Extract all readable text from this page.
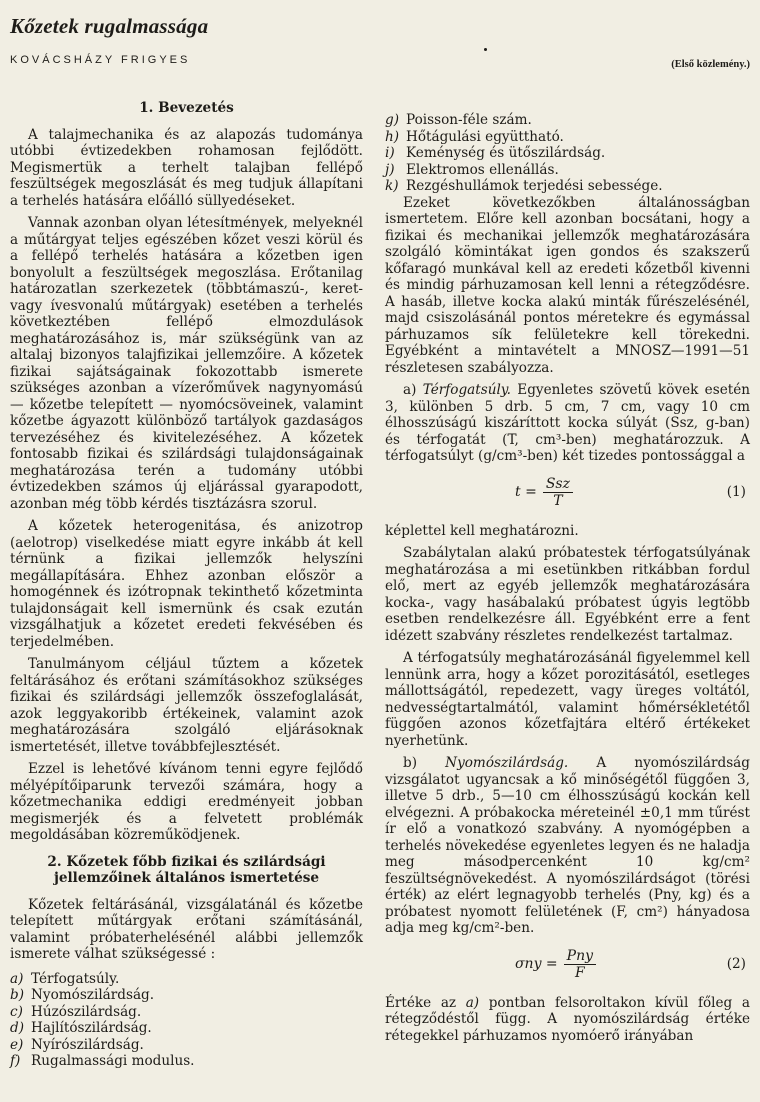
Kőzetek rugalmassága
KOVÁCSHÁZY FRIGYES	(Első közlemény.)
1. Bevezetés

A talajmechanika és az alapozás tudománya utóbbi évtizedekben rohamosan fejlődött. Megismertük a terhelt talajban fellépő feszültségek megoszlását és meg tudjuk állapítani a terhelés hatására előálló süllyedéseket.

Vannak azonban olyan létesítmények, melyeknél a műtárgyat teljes egészében kőzet veszi körül és a fellépő terhelés hatására a kőzetben igen bonyolult a feszültségek megoszlása. Erőtanilag határozatlan szerkezetek (többtámaszú-, keret- vagy ívesvonalú műtárgyak) esetében a terhelés következtében fellépő elmozdulások meghatározásához is, már szükségünk van az altalaj bizonyos talajfizikai jellemzőire. A kőzetek fizikai sajátságainak fokozottabb ismerete szükséges azonban a vízerőművek nagynyomású — kőzetbe telepített — nyomócsöveinek, valamint kőzetbe ágyazott különböző tartályok gazdaságos tervezéséhez és kivitelezéséhez. A kőzetek fontosabb fizikai és szilárdsági tulajdonságainak meghatározása terén a tudomány utóbbi évtizedekben számos új eljárással gyarapodott, azonban még több kérdés tisztázásra szorul.

A kőzetek heterogenitása, és anizotrop (aelotrop) viselkedése miatt egyre inkább át kell térnünk a fizikai jellemzők helyszíni megállapítására. Ehhez azonban először a homogénnek és izótropnak tekinthető kőzetminta tulajdonságait kell ismernünk és csak ezután vizsgálhatjuk a kőzetet eredeti fekvésében és terjedelmében.

Tanulmányom céljául tűztem a kőzetek feltárásához és erőtani számításokhoz szükséges fizikai és szilárdsági jellemzők összefoglalását, azok leggyakoribb értékeinek, valamint azok meghatározására szolgáló eljárásoknak ismertetését, illetve továbbfejlesztését.

Ezzel is lehetővé kívánom tenni egyre fejlődő mélyépítőiparunk tervezői számára, hogy a kőzetmechanika eddigi eredményeit jobban megismerjék és a felvetett problémák megoldásában közreműködjenek.

2. Kőzetek főbb fizikai és szilárdsági jellemzőinek általános ismertetése

Kőzetek feltárásánál, vizsgálatánál és kőzetbe telepített műtárgyak erőtani számításánál, valamint próbaterhelésénél alábbi jellemzők ismerete válhat szükségessé :

a) Térfogatsúly.
b) Nyomószilárdság.
c) Húzószilárdság.
d) Hajlítószilárdság.
e) Nyírószilárdság.
f) Rugalmassági modulus.
g) Poisson-féle szám.
h) Hőtágulási együttható.
i) Keménység és ütőszilárdság.
j) Elektromos ellenállás.
k) Rezgéshullámok terjedési sebessége.

Ezeket következőkben általánosságban ismertetem. Előre kell azonban bocsátani, hogy a fizikai és mechanikai jellemzők meghatározására szolgáló kömintákat igen gondos és szakszerű kőfaragó munkával kell az eredeti kőzetből kivenni és mindig párhuzamosan kell lenni a rétegződésre. A hasáb, illetve kocka alakú minták fűrészelésénél, majd csiszolásánál pontos méretekre és egymással párhuzamos sík felületekre kell törekedni. Egyébként a mintavételt a MNOSZ—1991—51 részletesen szabályozza.

a) Térfogatsúly. Egyenletes szövetű kövek esetén 3, különben 5 drb. 5 cm, 7 cm, vagy 10 cm élhosszúságú kiszáríttott kocka súlyát (Ssz, g-ban) és térfogatát (T, cm³-ben) meghatározzuk. A térfogatsúlyt (g/cm³-ben) két tizedes pontossággal a

$t = \frac{\text{Ssz}}{T}$	(1)

képlettel kell meghatározni.

Szabálytalan alakú próbatestek térfogatsúlyának meghatározása a mi esetünkben ritkábban fordul elő, mert az egyéb jellemzők meghatározására kocka-, vagy hasábalakú próbatest úgyis legtöbb esetben rendelkezésre áll. Egyébként erre a fent idézett szabvány részletes rendelkezést tartalmaz.

A térfogatsúly meghatározásánál figyelemmel kell lennünk arra, hogy a kőzet porozitásától, esetleges mállottságától, repedezett, vagy üreges voltától, nedvességtartalmától, valamint hőmérsékletétől függően azonos kőzetfajtára eltérő értékeket nyerhetünk.

b) Nyomószilárdság. A nyomószilárdság vizsgálatot ugyancsak a kő minőségétől függően 3, illetve 5 drb., 5—10 cm élhosszúságú kockán kell elvégezni. A próbakocka méreteinél ±0,1 mm tűrést ír elő a vonatkozó szabvány. A nyomógépben a terhelés növekedése egyenletes legyen és ne haladja meg másodpercenként 10 kg/cm² feszültségnövekedést. A nyomószilárdságot (törési érték) az elért legnagyobb terhelés (Pny, kg) és a próbatest nyomott felületének (F, cm²) hányadosa adja meg kg/cm²-ben.

$\sigma ny = \frac{\text{Pny}}{F}$	(2)

Értéke az a) pontban felsoroltakon kívül főleg a rétegződéstől függ. A nyomószilárdság értéke rétegekkel párhuzamos nyomóerő irányában
